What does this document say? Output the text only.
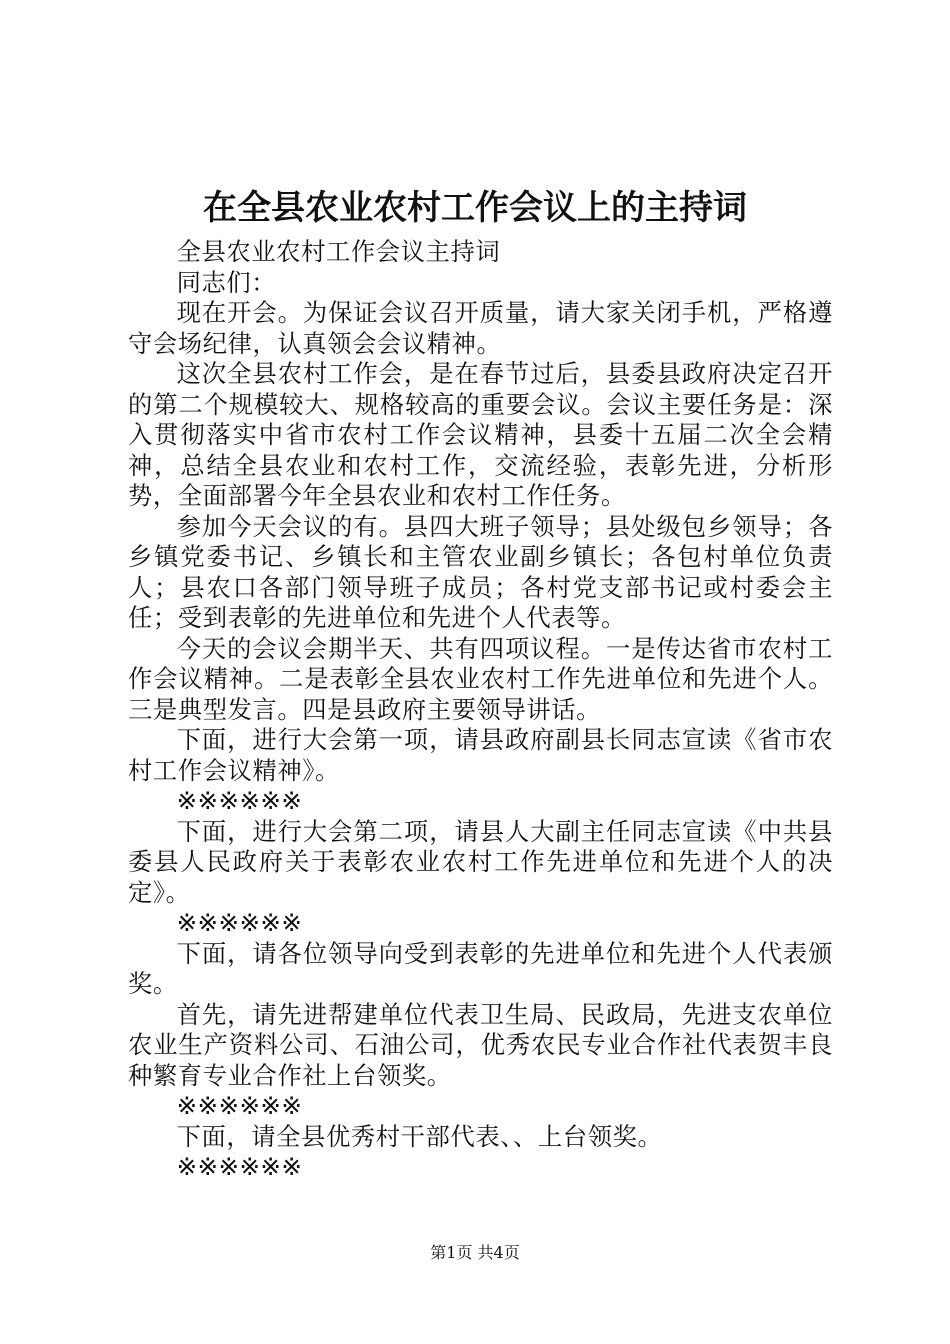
在全县农业农村工作会议上的主持词

全县农业农村工作会议主持词

同志们：

现在开会。为保证会议召开质量，请大家关闭手机，严格遵守会场纪律，认真领会会议精神。

这次全县农村工作会，是在春节过后，县委县政府决定召开的第二个规模较大、规格较高的重要会议。会议主要任务是：深入贯彻落实中省市农村工作会议精神，县委十五届二次全会精神，总结全县农业和农村工作，交流经验，表彰先进，分析形势，全面部署今年全县农业和农村工作任务。

参加今天会议的有。县四大班子领导；县处级包乡领导；各乡镇党委书记、乡镇长和主管农业副乡镇长；各包村单位负责人；县农口各部门领导班子成员；各村党支部书记或村委会主任；受到表彰的先进单位和先进个人代表等。

今天的会议会期半天、共有四项议程。一是传达省市农村工作会议精神。二是表彰全县农业农村工作先进单位和先进个人。三是典型发言。四是县政府主要领导讲话。

下面，进行大会第一项，请县政府副县长同志宣读《省市农村工作会议精神》。

※※※※※※

下面，进行大会第二项，请县人大副主任同志宣读《中共县委县人民政府关于表彰农业农村工作先进单位和先进个人的决定》。

※※※※※※

下面，请各位领导向受到表彰的先进单位和先进个人代表颁奖。

首先，请先进帮建单位代表卫生局、民政局，先进支农单位农业生产资料公司、石油公司，优秀农民专业合作社代表贺丰良种繁育专业合作社上台领奖。

※※※※※※

下面，请全县优秀村干部代表、、上台领奖。

※※※※※※

第1页 共4页
